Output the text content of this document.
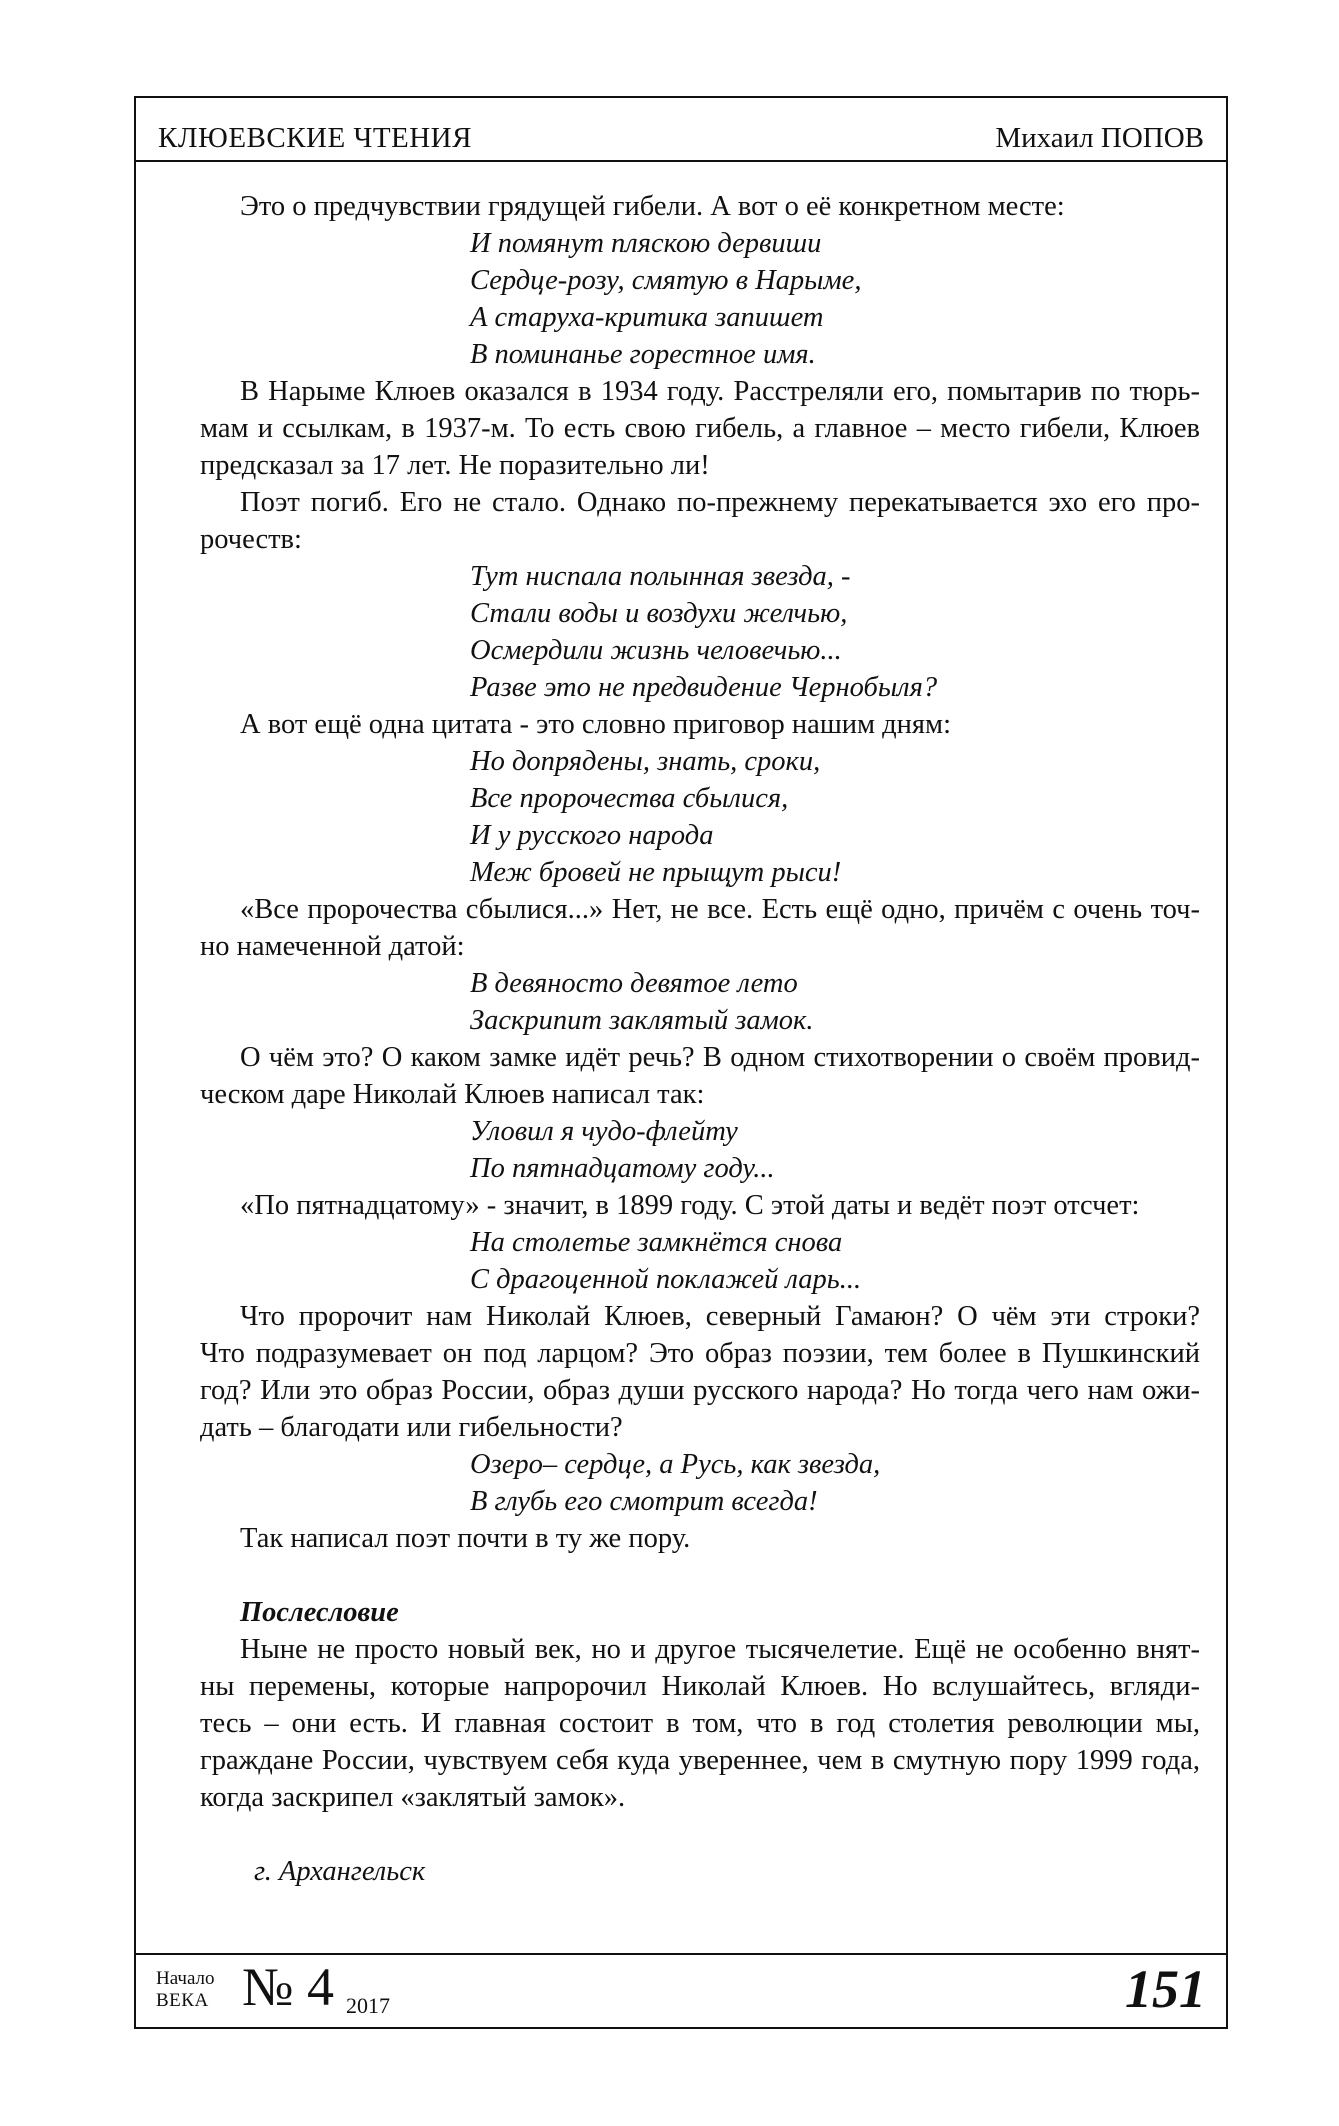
КЛЮЕВСКИЕ ЧТЕНИЯ	Михаил ПОПОВ

Это о предчувствии грядущей гибели. А вот о её конкретном месте:

И помянут пляскою дервиши

Сердце-розу, смятую в Нарыме,

А старуха-критика запишет

В поминанье горестное имя.

В Нарыме Клюев оказался в 1934 году. Расстреляли его, помытарив по тюрь-

мам и ссылкам, в 1937-м. То есть свою гибель, а главное – место гибели, Клюев

предсказал за 17 лет. Не поразительно ли!

Поэт погиб. Его не стало. Однако по-прежнему перекатывается эхо его про-

рочеств:

Тут ниспала полынная звезда, -

Стали воды и воздухи желчью,

Осмердили жизнь человечью...

Разве это не предвидение Чернобыля?

А вот ещё одна цитата - это словно приговор нашим дням:

Но допрядены, знать, сроки,

Все пророчества сбылися,

И у русского народа

Меж бровей не прыщут рыси!

«Все пророчества сбылися...» Нет, не все. Есть ещё одно, причём с очень точ-

но намеченной датой:

В девяносто девятое лето

Заскрипит заклятый замок.

О чём это? О каком замке идёт речь? В одном стихотворении о своём провид-

ческом даре Николай Клюев написал так:

Уловил я чудо-флейту

По пятнадцатому году...

«По пятнадцатому» - значит, в 1899 году. С этой даты и ведёт поэт отсчет:

На столетье замкнётся снова

С драгоценной поклажей ларь...

Что пророчит нам Николай Клюев, северный Гамаюн? О чём эти строки?

Что подразумевает он под ларцом? Это образ поэзии, тем более в Пушкинский

год? Или это образ России, образ души русского народа? Но тогда чего нам ожи-

дать – благодати или гибельности?

Озеро– сердце, а Русь, как звезда,

В глубь его смотрит всегда!

Так написал поэт почти в ту же пору.

Послесловие

Ныне не просто новый век, но и другое тысячелетие. Ещё не особенно внят-

ны перемены, которые напророчил Николай Клюев. Но вслушайтесь, вгляди-

тесь – они есть. И главная состоит в том, что в год столетия революции мы,

граждане России, чувствуем себя куда увереннее, чем в смутную пору 1999 года,

когда заскрипел «заклятый замок».

г. Архангельск

Начало
ВЕКА № 4 2017	151
